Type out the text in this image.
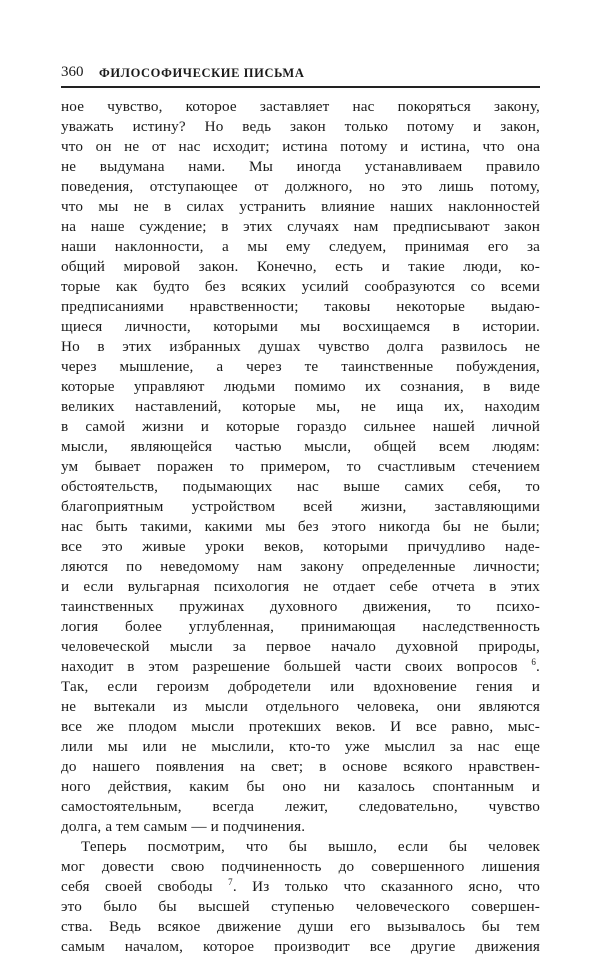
360 ФИЛОСОФИЧЕСКИЕ ПИСЬМА
ное чувство, которое заставляет нас покоряться закону,
уважать истину? Но ведь закон только потому и закон,
что он не от нас исходит; истина потому и истина, что она
не выдумана нами. Мы иногда устанавливаем правило
поведения, отступающее от должного, но это лишь потому,
что мы не в силах устранить влияние наших наклонностей
на наше суждение; в этих случаях нам предписывают закон
наши наклонности, а мы ему следуем, принимая его за
общий мировой закон. Конечно, есть и такие люди, ко-
торые как будто без всяких усилий сообразуются со всеми
предписаниями нравственности; таковы некоторые выдаю-
щиеся личности, которыми мы восхищаемся в истории.
Но в этих избранных душах чувство долга развилось не
через мышление, а через те таинственные побуждения,
которые управляют людьми помимо их сознания, в виде
великих наставлений, которые мы, не ища их, находим
в самой жизни и которые гораздо сильнее нашей личной
мысли, являющейся частью мысли, общей всем людям:
ум бывает поражен то примером, то счастливым стечением
обстоятельств, подымающих нас выше самих себя, то
благоприятным устройством всей жизни, заставляющими
нас быть такими, какими мы без этого никогда бы не были;
все это живые уроки веков, которыми причудливо наде-
ляются по неведомому нам закону определенные личности;
и если вульгарная психология не отдает себе отчета в этих
таинственных пружинах духовного движения, то психо-
логия более углубленная, принимающая наследственность
человеческой мысли за первое начало духовной природы,
находит в этом разрешение большей части своих вопросов $^6$.
Так, если героизм добродетели или вдохновение гения и
не вытекали из мысли отдельного человека, они являются
все же плодом мысли протекших веков. И все равно, мыс-
лили мы или не мыслили, кто-то уже мыслил за нас еще
до нашего появления на свет; в основе всякого нравствен-
ного действия, каким бы оно ни казалось спонтанным и
самостоятельным, всегда лежит, следовательно, чувство
долга, а тем самым — и подчинения.
Теперь посмотрим, что бы вышло, если бы человек
мог довести свою подчиненность до совершенного лишения
себя своей свободы $^7$. Из только что сказанного ясно, что
это было бы высшей ступенью человеческого совершен-
ства. Ведь всякое движение души его вызывалось бы тем
самым началом, которое производит все другие движения
